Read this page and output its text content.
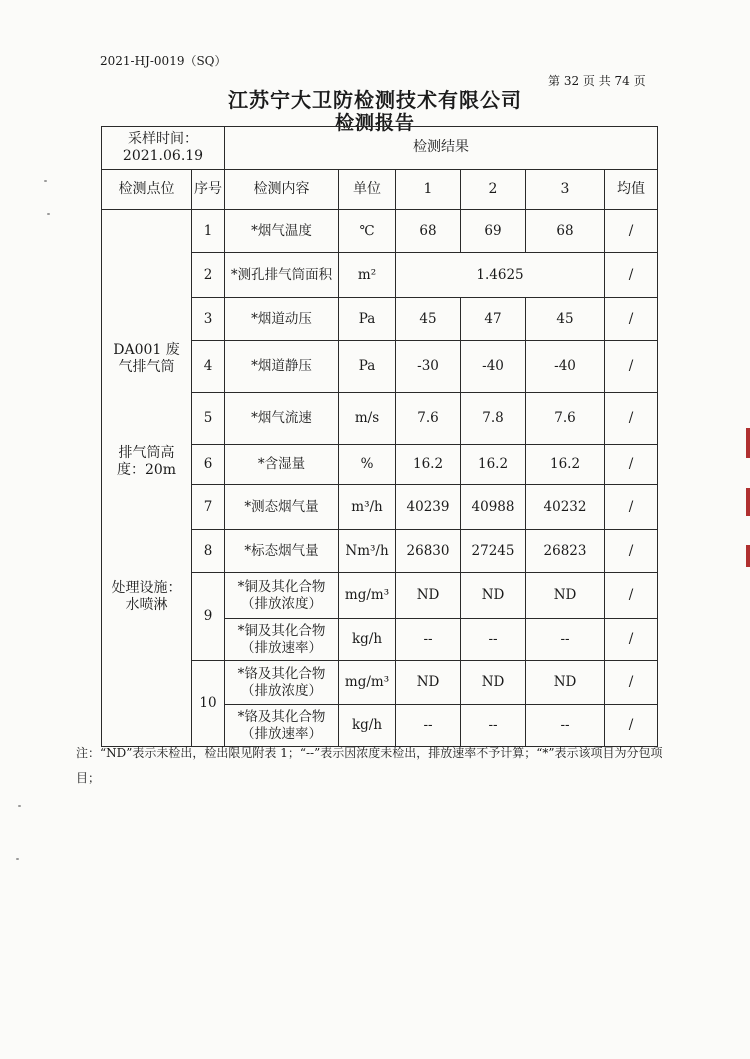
2021-HJ-0019（SQ）
第 32 页 共 74 页
江苏宁大卫防检测技术有限公司
检测报告
采样时间：
2021.06.19		检测结果					
检测点位	序号	检测内容	单位	1	2	3	均值

DA001 废气排气筒
排气筒高度：20m
处理设施：水喷淋	1	*烟气温度	℃	68	69	68	/
	2	*测孔排气筒面积	m²	1.4625			/
	3	*烟道动压	Pa	45	47	45	/
	4	*烟道静压	Pa	-30	-40	-40	/
	5	*烟气流速	m/s	7.6	7.8	7.6	/
	6	*含湿量	%	16.2	16.2	16.2	/
	7	*测态烟气量	m³/h	40239	40988	40232	/
	8	*标态烟气量	Nm³/h	26830	27245	26823	/
	9	*铜及其化合物（排放浓度）	mg/m³	ND	ND	ND	/
		*铜及其化合物（排放速率）	kg/h	--	--	--	/
	10	*铬及其化合物（排放浓度）	mg/m³	ND	ND	ND	/
		*铬及其化合物（排放速率）	kg/h	--	--	--	/
注：“ND”表示未检出，检出限见附表 1；“--”表示因浓度未检出，排放速率不予计算；“*”表示该项目为分包项目；
